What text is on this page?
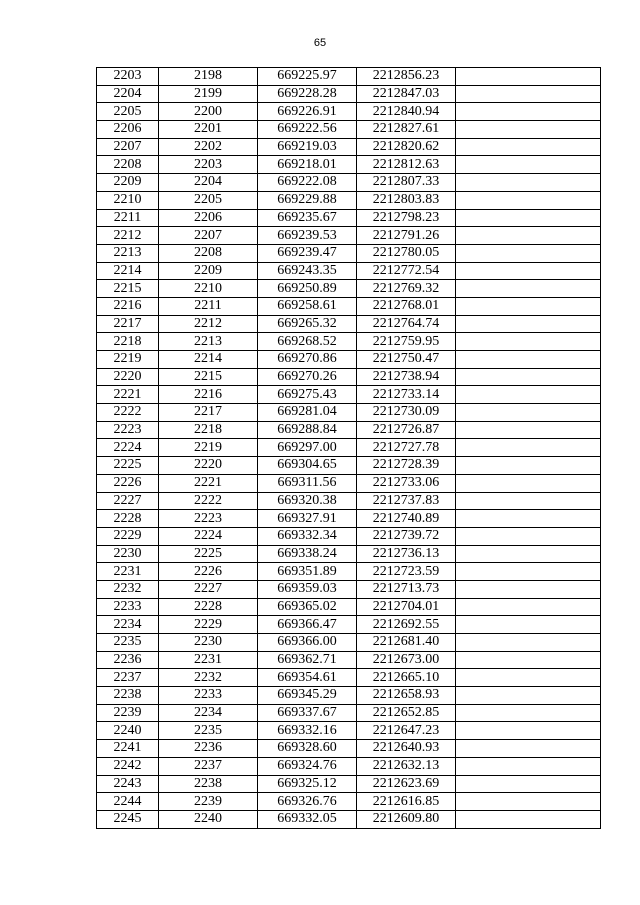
65
2203	2198	669225.97	2212856.23	
2204	2199	669228.28	2212847.03	
2205	2200	669226.91	2212840.94	
2206	2201	669222.56	2212827.61	
2207	2202	669219.03	2212820.62	
2208	2203	669218.01	2212812.63	
2209	2204	669222.08	2212807.33	
2210	2205	669229.88	2212803.83	
2211	2206	669235.67	2212798.23	
2212	2207	669239.53	2212791.26	
2213	2208	669239.47	2212780.05	
2214	2209	669243.35	2212772.54	
2215	2210	669250.89	2212769.32	
2216	2211	669258.61	2212768.01	
2217	2212	669265.32	2212764.74	
2218	2213	669268.52	2212759.95	
2219	2214	669270.86	2212750.47	
2220	2215	669270.26	2212738.94	
2221	2216	669275.43	2212733.14	
2222	2217	669281.04	2212730.09	
2223	2218	669288.84	2212726.87	
2224	2219	669297.00	2212727.78	
2225	2220	669304.65	2212728.39	
2226	2221	669311.56	2212733.06	
2227	2222	669320.38	2212737.83	
2228	2223	669327.91	2212740.89	
2229	2224	669332.34	2212739.72	
2230	2225	669338.24	2212736.13	
2231	2226	669351.89	2212723.59	
2232	2227	669359.03	2212713.73	
2233	2228	669365.02	2212704.01	
2234	2229	669366.47	2212692.55	
2235	2230	669366.00	2212681.40	
2236	2231	669362.71	2212673.00	
2237	2232	669354.61	2212665.10	
2238	2233	669345.29	2212658.93	
2239	2234	669337.67	2212652.85	
2240	2235	669332.16	2212647.23	
2241	2236	669328.60	2212640.93	
2242	2237	669324.76	2212632.13	
2243	2238	669325.12	2212623.69	
2244	2239	669326.76	2212616.85	
2245	2240	669332.05	2212609.80	
